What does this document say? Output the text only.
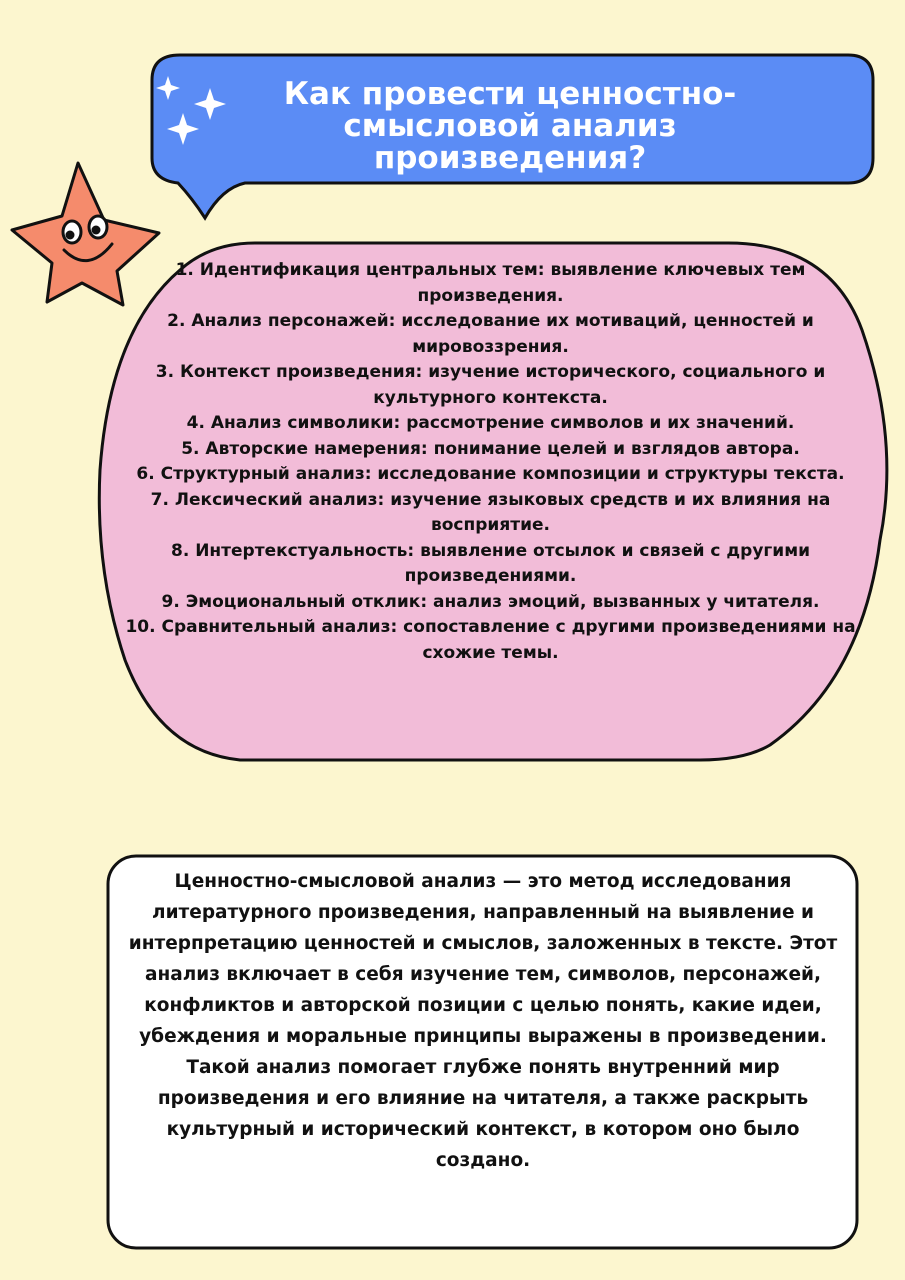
Как провести ценностно-
смысловой анализ
произведения?
1. Идентификация центральных тем: выявление ключевых тем произведения.
2. Анализ персонажей: исследование их мотиваций, ценностей и мировоззрения.
3. Контекст произведения: изучение исторического, социального и культурного контекста.
4. Анализ символики: рассмотрение символов и их значений.
5. Авторские намерения: понимание целей и взглядов автора.
6. Структурный анализ: исследование композиции и структуры текста.
7. Лексический анализ: изучение языковых средств и их влияния на восприятие.
8. Интертекстуальность: выявление отсылок и связей с другими произведениями.
9. Эмоциональный отклик: анализ эмоций, вызванных у читателя.
10. Сравнительный анализ: сопоставление с другими произведениями на схожие темы.

Ценностно-смысловой анализ — это метод исследования литературного произведения, направленный на выявление и интерпретацию ценностей и смыслов, заложенных в тексте. Этот анализ включает в себя изучение тем, символов, персонажей, конфликтов и авторской позиции с целью понять, какие идеи, убеждения и моральные принципы выражены в произведении. Такой анализ помогает глубже понять внутренний мир произведения и его влияние на читателя, а также раскрыть культурный и исторический контекст, в котором оно было создано.
